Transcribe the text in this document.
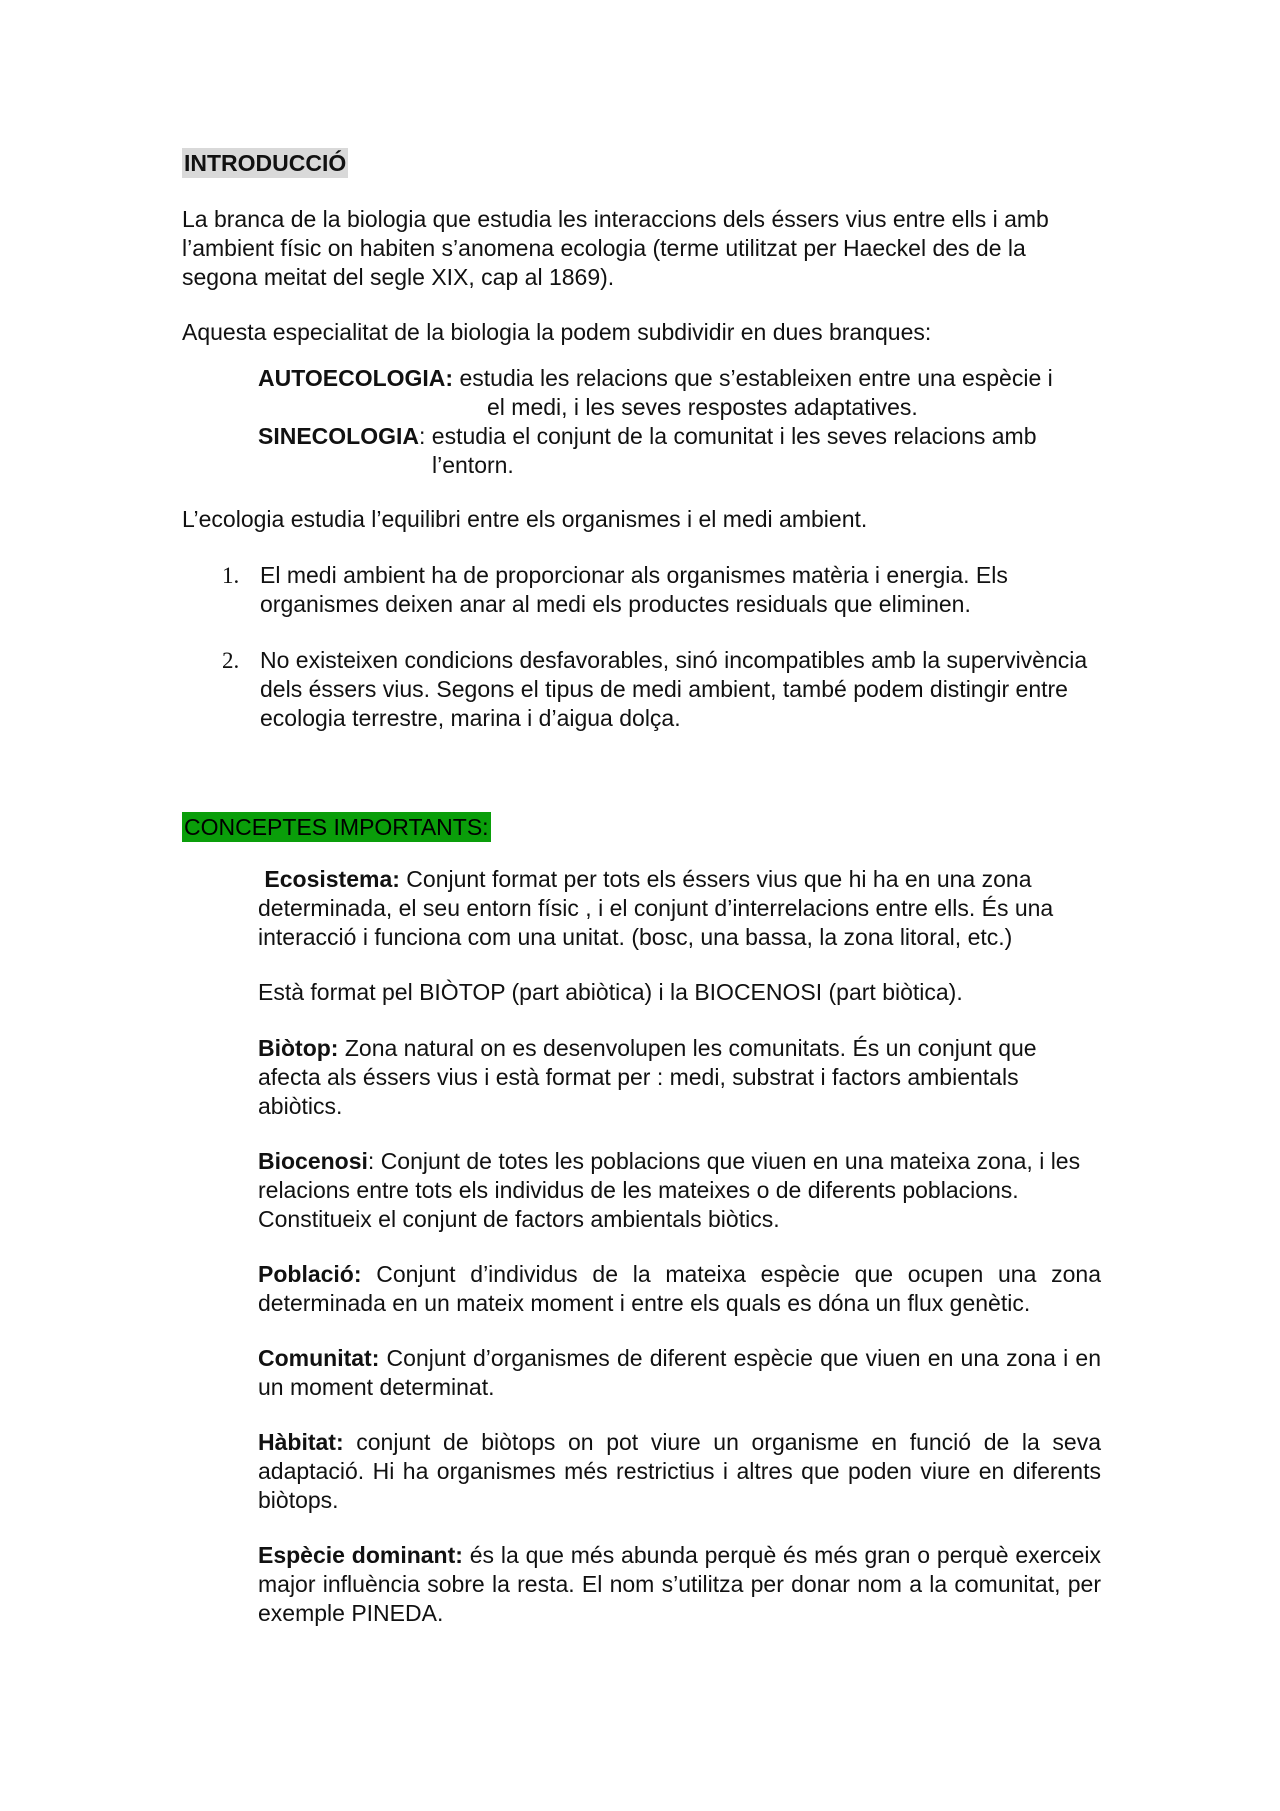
INTRODUCCIÓ

La branca de la biologia que estudia les interaccions dels éssers vius entre ells i amb l’ambient físic on habiten s’anomena ecologia (terme utilitzat per Haeckel des de la segona meitat del segle XIX, cap al 1869).

Aquesta especialitat de la biologia la podem subdividir en dues branques:

AUTOECOLOGIA: estudia les relacions que s’estableixen entre una espècie i
el medi, i les seves respostes adaptatives.
SINECOLOGIA: estudia el conjunt de la comunitat i les seves relacions amb
l’entorn.

L’ecologia estudia l’equilibri entre els organismes i el medi ambient.

1. El medi ambient ha de proporcionar als organismes matèria i energia. Els organismes deixen anar al medi els productes residuals que eliminen.

2. No existeixen condicions desfavorables, sinó incompatibles amb la supervivència dels éssers vius. Segons el tipus de medi ambient, també podem distingir entre ecologia terrestre, marina i d’aigua dolça.

CONCEPTES IMPORTANTS:

Ecosistema: Conjunt format per tots els éssers vius que hi ha en una zona determinada, el seu entorn físic , i el conjunt d’interrelacions entre ells. És una interacció i funciona com una unitat. (bosc, una bassa, la zona litoral, etc.)

Està format pel BIÒTOP (part abiòtica) i la BIOCENOSI (part biòtica).

Biòtop: Zona natural on es desenvolupen les comunitats. És un conjunt que afecta als éssers vius i està format per : medi, substrat i factors ambientals abiòtics.

Biocenosi: Conjunt de totes les poblacions que viuen en una mateixa zona, i les relacions entre tots els individus de les mateixes o de diferents poblacions. Constitueix el conjunt de factors ambientals biòtics.

Població: Conjunt d’individus de la mateixa espècie que ocupen una zona determinada en un mateix moment i entre els quals es dóna un flux genètic.

Comunitat: Conjunt d’organismes de diferent espècie que viuen en una zona i en un moment determinat.

Hàbitat: conjunt de biòtops on pot viure un organisme en funció de la seva adaptació. Hi ha organismes més restrictius i altres que poden viure en diferents biòtops.

Espècie dominant: és la que més abunda perquè és més gran o perquè exerceix major influència sobre la resta. El nom s’utilitza per donar nom a la comunitat, per exemple PINEDA.
